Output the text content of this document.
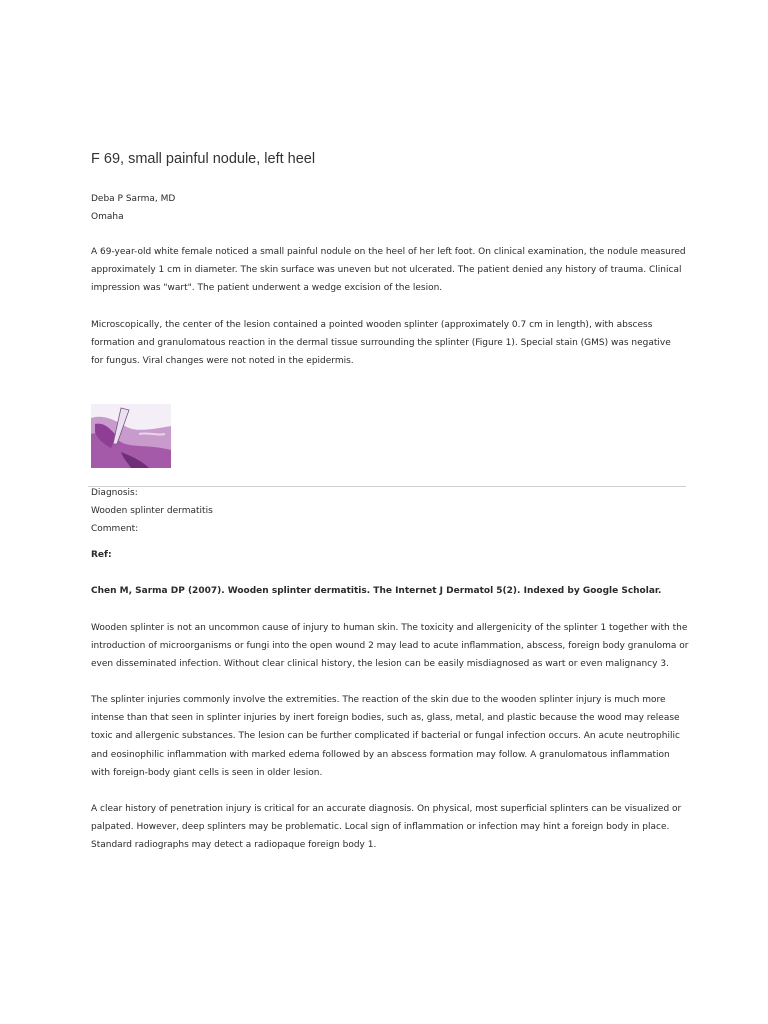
F 69, small painful nodule, left heel

Deba P Sarma, MD

Omaha

A 69-year-old white female noticed a small painful nodule on the heel of her left foot. On clinical examination, the nodule measured
approximately 1 cm in diameter. The skin surface was uneven but not ulcerated. The patient denied any history of trauma. Clinical
impression was "wart". The patient underwent a wedge excision of the lesion.
Microscopically, the center of the lesion contained a pointed wooden splinter (approximately 0.7 cm in length), with abscess
formation and granulomatous reaction in the dermal tissue surrounding the splinter (Figure 1). Special stain (GMS) was negative
for fungus. Viral changes were not noted in the epidermis.

Diagnosis:

Wooden splinter dermatitis

Comment:

Ref:

Chen M, Sarma DP (2007). Wooden splinter dermatitis. The Internet J Dermatol 5(2). Indexed by Google Scholar.

Wooden splinter is not an uncommon cause of injury to human skin. The toxicity and allergenicity of the splinter 1 together with the
introduction of microorganisms or fungi into the open wound 2 may lead to acute inflammation, abscess, foreign body granuloma or
even disseminated infection. Without clear clinical history, the lesion can be easily misdiagnosed as wart or even malignancy 3.
The splinter injuries commonly involve the extremities. The reaction of the skin due to the wooden splinter injury is much more
intense than that seen in splinter injuries by inert foreign bodies, such as, glass, metal, and plastic because the wood may release
toxic and allergenic substances. The lesion can be further complicated if bacterial or fungal infection occurs. An acute neutrophilic
and eosinophilic inflammation with marked edema followed by an abscess formation may follow. A granulomatous inflammation
with foreign-body giant cells is seen in older lesion.
A clear history of penetration injury is critical for an accurate diagnosis. On physical, most superficial splinters can be visualized or
palpated. However, deep splinters may be problematic. Local sign of inflammation or infection may hint a foreign body in place.
Standard radiographs may detect a radiopaque foreign body 1.
